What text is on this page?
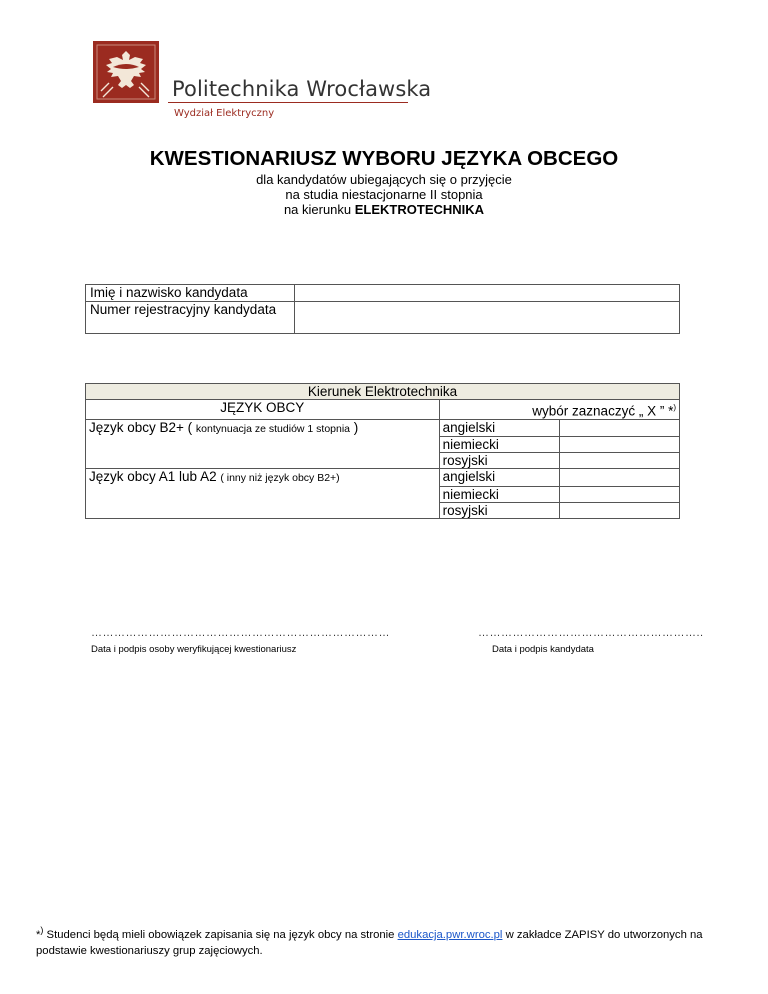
Politechnika Wrocławska
Wydział Elektryczny
KWESTIONARIUSZ WYBORU JĘZYKA OBCEGO
dla kandydatów ubiegających się o przyjęcie
na studia niestacjonarne II stopnia
na kierunku ELEKTROTECHNIKA
Imię i nazwisko kandydata	
Numer rejestracyjny kandydata	
Kierunek Elektrotechnika		
JĘZYK OBCY	wybór zaznaczyć „ X ” *)
Język obcy B2+ ( kontynuacja ze studiów 1 stopnia )	angielski	
	niemiecki	
	rosyjski	
Język obcy A1 lub A2 ( inny niż język obcy B2+)	angielski	
	niemiecki	
	rosyjski	
……………………………………………………………………
Data i podpis osoby weryfikującej kwestionariusz
…………………………………………………..
Data i podpis kandydata
*) Studenci będą mieli obowiązek zapisania się na język obcy na stronie edukacja.pwr.wroc.pl w zakładce ZAPISY do utworzonych na podstawie kwestionariuszy grup zajęciowych.
